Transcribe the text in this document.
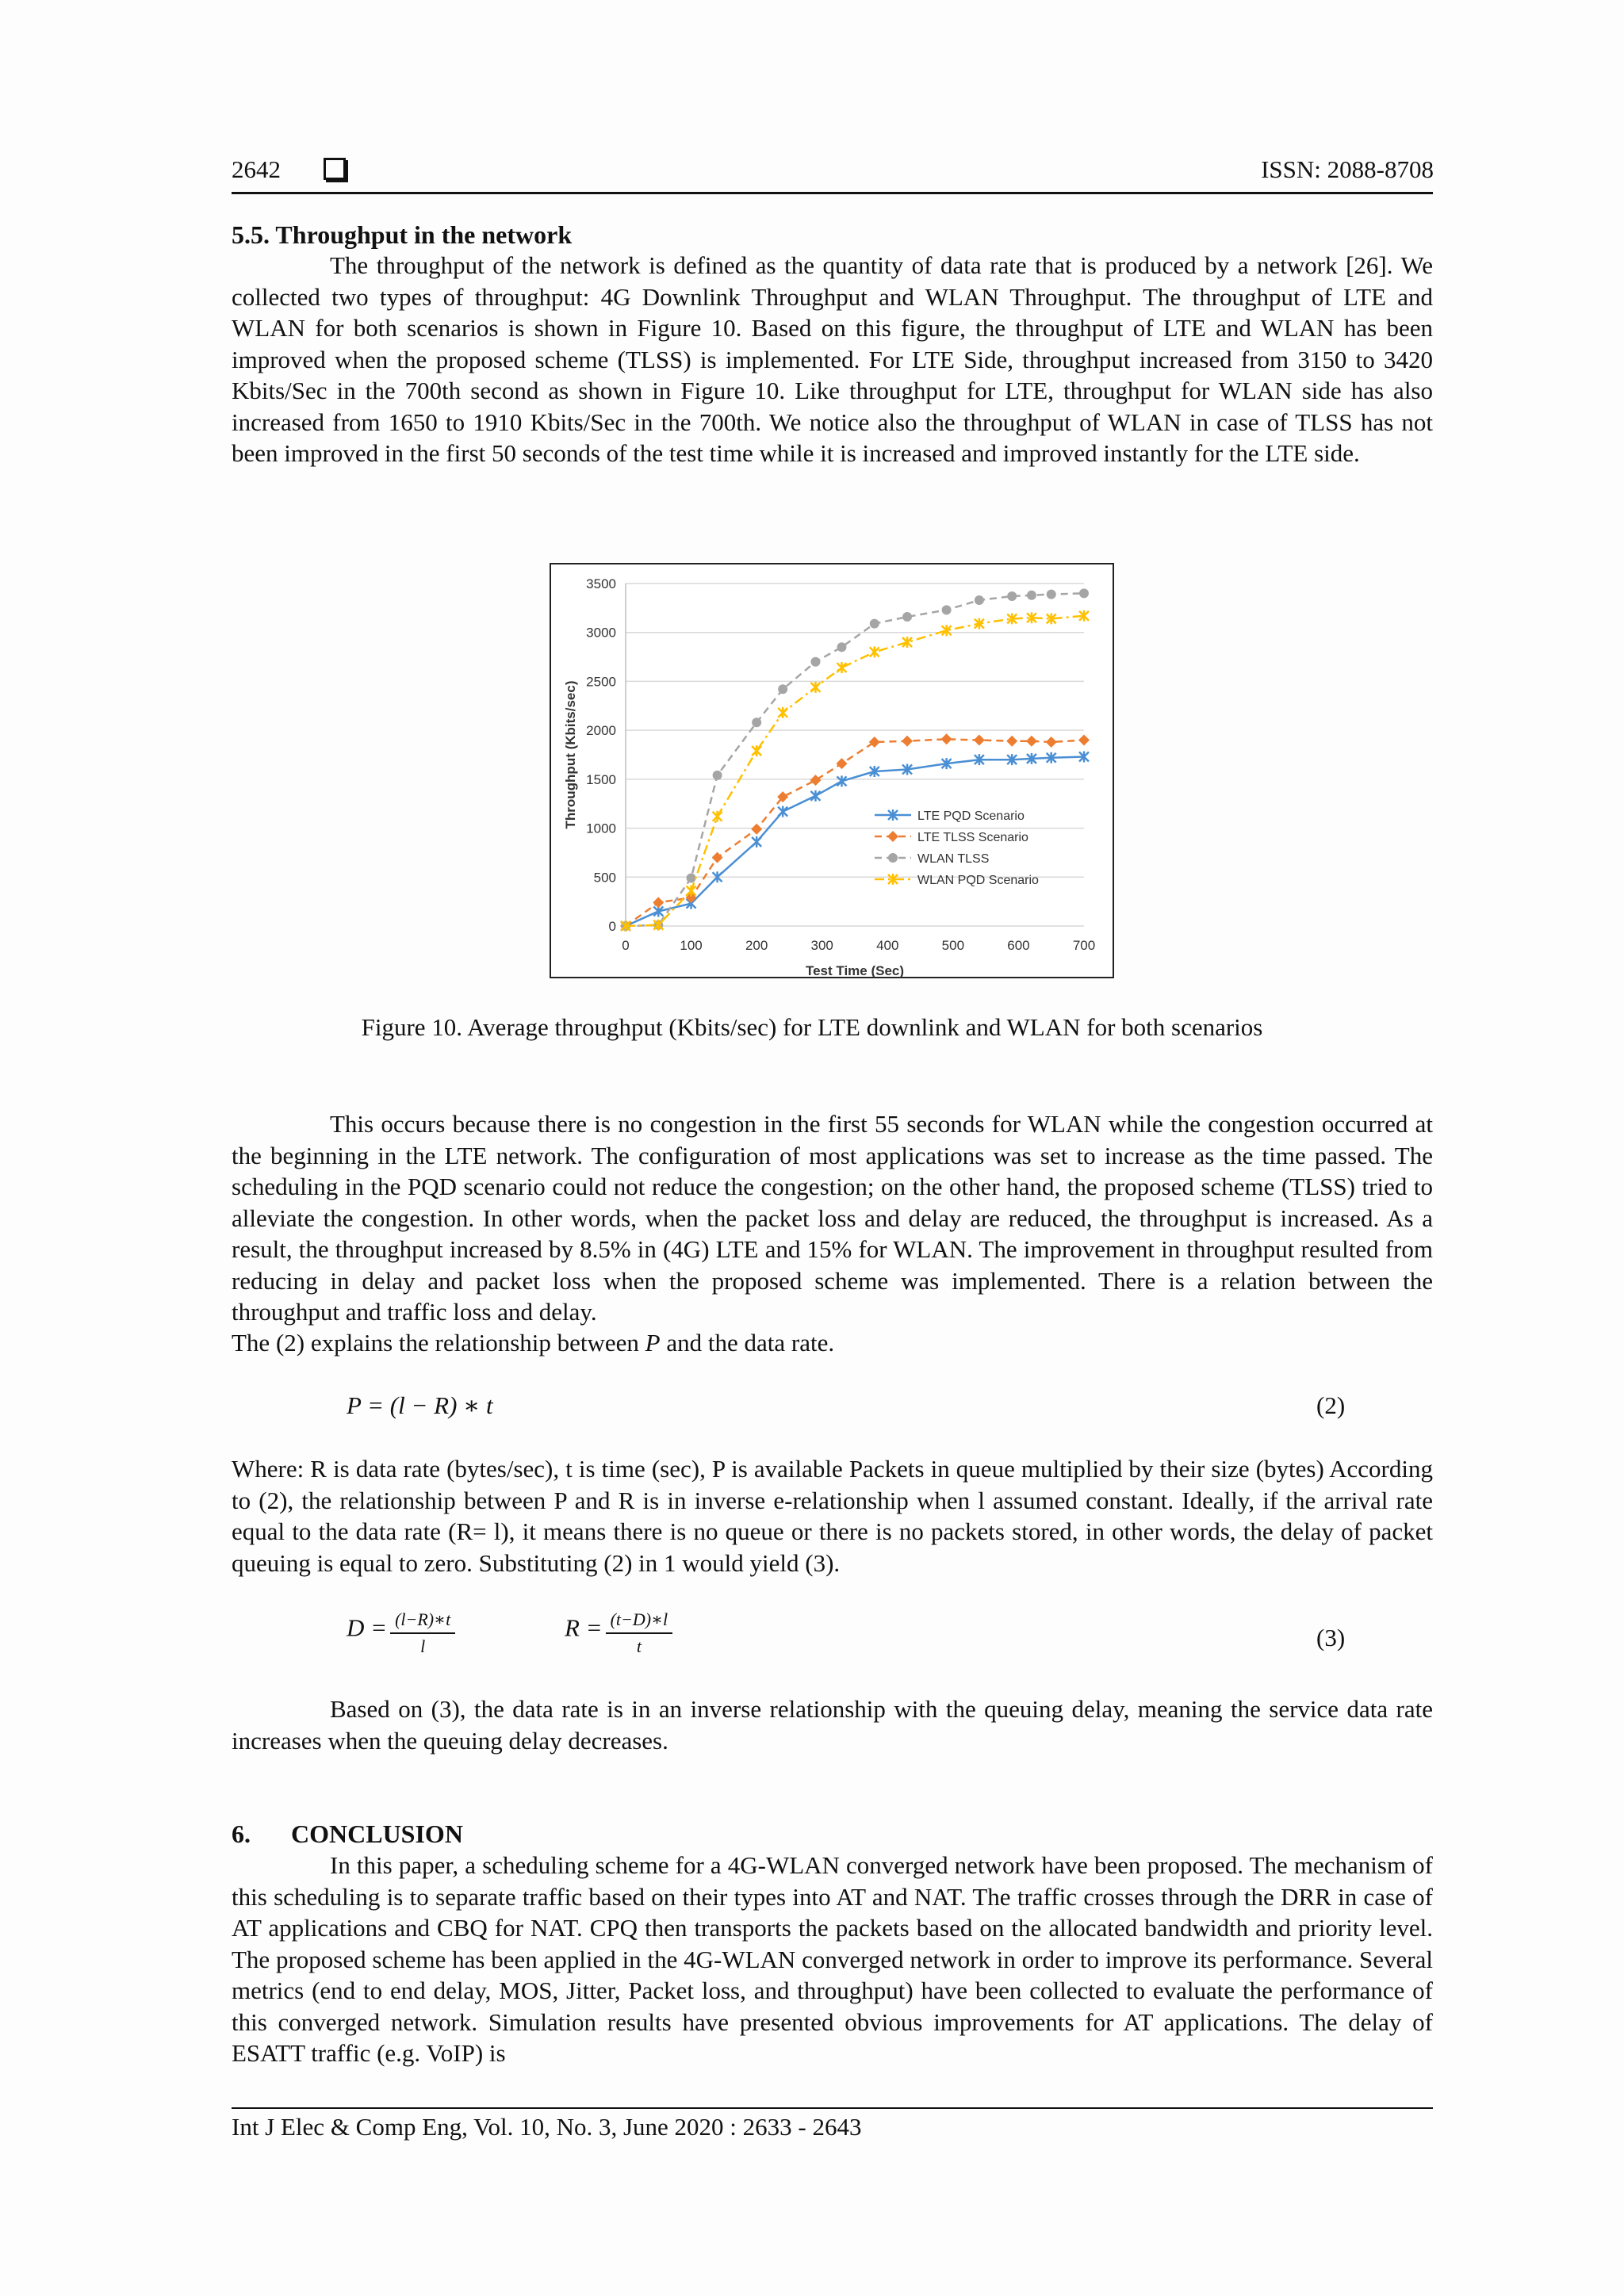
2642	ISSN: 2088-8708
5.5. Throughput in the network
The throughput of the network is defined as the quantity of data rate that is produced by a network [26]. We collected two types of throughput: 4G Downlink Throughput and WLAN Throughput. The throughput of LTE and WLAN for both scenarios is shown in Figure 10. Based on this figure, the throughput of LTE and WLAN has been improved when the proposed scheme (TLSS) is implemented. For LTE Side, throughput increased from 3150 to 3420 Kbits/Sec in the 700th second as shown in Figure 10. Like throughput for LTE, throughput for WLAN side has also increased from 1650 to 1910 Kbits/Sec in the 700th. We notice also the throughput of WLAN in case of TLSS has not been improved in the first 50 seconds of the test time while it is increased and improved instantly for the LTE side.
0
500
1000
1500
2000
2500
3000
3500
0	100	200	300	400	500	600	700
Test Time (Sec)
Throughput (Kbits/sec)	LTE PQD Scenario
LTE TLSS Scenario
WLAN TLSS
WLAN PQD Scenario
Figure 10. Average throughput (Kbits/sec) for LTE downlink and WLAN for both scenarios
This occurs because there is no congestion in the first 55 seconds for WLAN while the congestion occurred at the beginning in the LTE network. The configuration of most applications was set to increase as the time passed. The scheduling in the PQD scenario could not reduce the congestion; on the other hand, the proposed scheme (TLSS) tried to alleviate the congestion. In other words, when the packet loss and delay are reduced, the throughput is increased. As a result, the throughput increased by 8.5% in (4G) LTE and 15% for WLAN. The improvement in throughput resulted from reducing in delay and packet loss when the proposed scheme was implemented. There is a relation between the throughput and traffic loss and delay.
The (2) explains the relationship between P and the data rate.
P = (l − R) ∗ t	(2)
Where: R is data rate (bytes/sec), t is time (sec), P is available Packets in queue multiplied by their size (bytes) According to (2), the relationship between P and R is in inverse e-relationship when l assumed constant. Ideally, if the arrival rate equal to the data rate (R= l), it means there is no queue or there is no packets stored, in other words, the delay of packet queuing is equal to zero. Substituting (2) in 1 would yield (3).
$D = \frac{(l-R)∗t}{l}$	$R = \frac{(t-D)∗l}{t}$	(3)
Based on (3), the data rate is in an inverse relationship with the queuing delay, meaning the service data rate increases when the queuing delay decreases.
6. CONCLUSION
In this paper, a scheduling scheme for a 4G-WLAN converged network have been proposed. The mechanism of this scheduling is to separate traffic based on their types into AT and NAT. The traffic crosses through the DRR in case of AT applications and CBQ for NAT. CPQ then transports the packets based on the allocated bandwidth and priority level. The proposed scheme has been applied in the 4G-WLAN converged network in order to improve its performance. Several metrics (end to end delay, MOS, Jitter, Packet loss, and throughput) have been collected to evaluate the performance of this converged network. Simulation results have presented obvious improvements for AT applications. The delay of ESATT traffic (e.g. VoIP) is
Int J Elec & Comp Eng, Vol. 10, No. 3, June 2020 : 2633 - 2643
